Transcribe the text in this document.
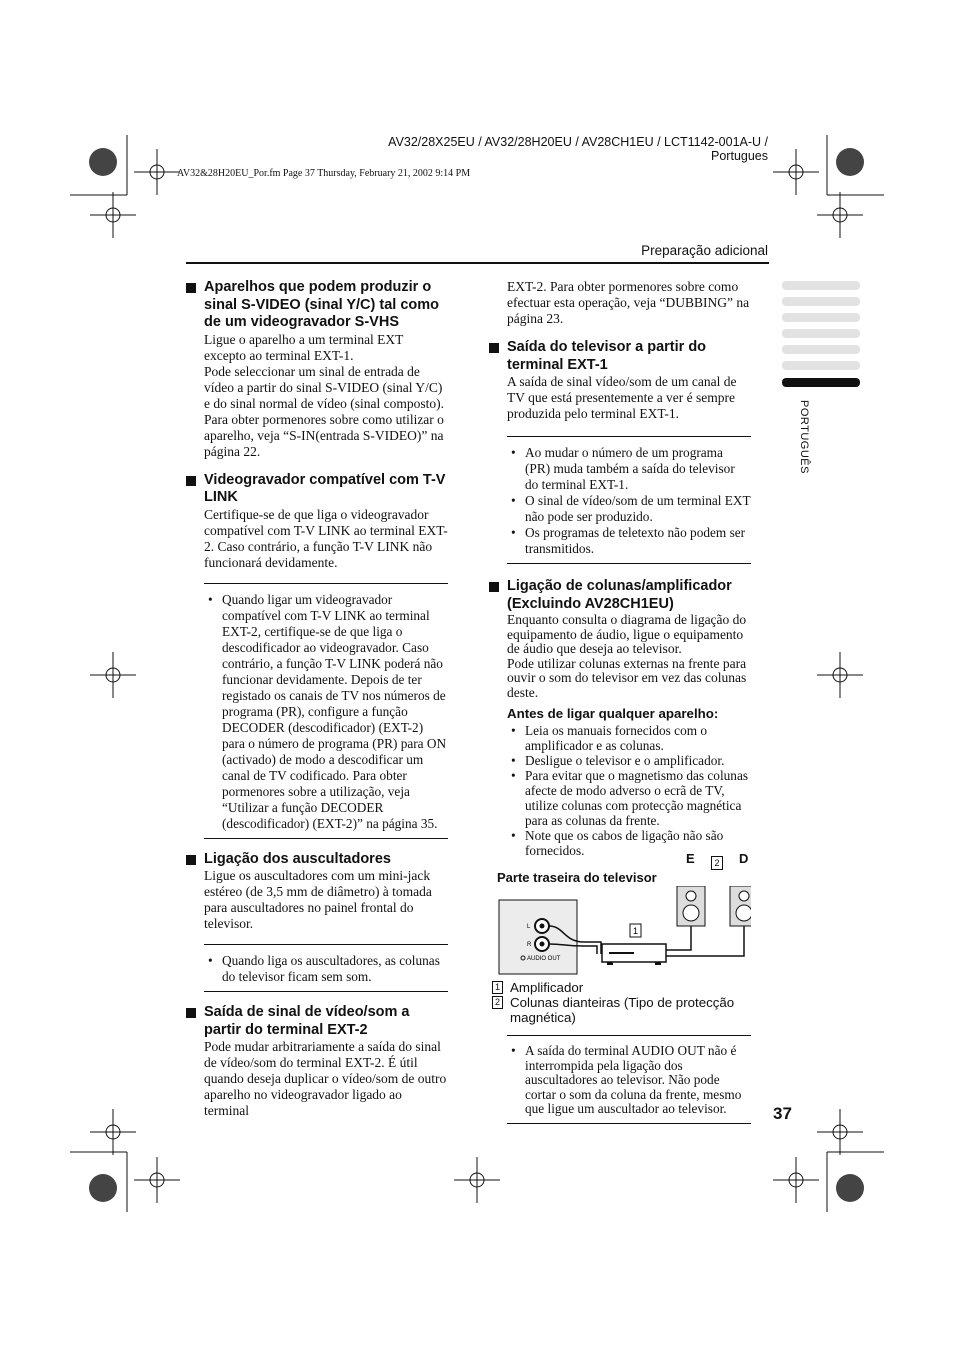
AV32/28X25EU / AV32/28H20EU / AV28CH1EU / LCT1142-001A-U / Portugues
AV32&28H20EU_Por.fm Page 37 Thursday, February 21, 2002 9:14 PM
Preparação adicional
PORTUGUÊS
Aparelhos que podem produzir o sinal S-VIDEO (sinal Y/C) tal como de um videogravador S-VHS

Ligue o aparelho a um terminal EXT excepto ao terminal EXT-1.

Pode seleccionar um sinal de entrada de vídeo a partir do sinal S-VIDEO (sinal Y/C) e do sinal normal de vídeo (sinal composto). Para obter pormenores sobre como utilizar o aparelho, veja “S-IN(entrada S-VIDEO)” na página 22.

Videogravador compatível com T-V LINK

Certifique-se de que liga o videogravador compatível com T-V LINK ao terminal EXT-2. Caso contrário, a função T-V LINK não funcionará devidamente.

• Quando ligar um videogravador compatível com T-V LINK ao terminal EXT-2, certifique-se de que liga o descodificador ao videogravador. Caso contrário, a função T-V LINK poderá não funcionar devidamente. Depois de ter registado os canais de TV nos números de programa (PR), configure a função DECODER (descodificador) (EXT-2) para o número de programa (PR) para ON (activado) de modo a descodificar um canal de TV codificado. Para obter pormenores sobre a utilização, veja “Utilizar a função DECODER (descodificador) (EXT-2)” na página 35.
Ligação dos auscultadores

Ligue os auscultadores com um mini-jack estéreo (de 3,5 mm de diâmetro) à tomada para auscultadores no painel frontal do televisor.

• Quando liga os auscultadores, as colunas do televisor ficam sem som.
Saída de sinal de vídeo/som a partir do terminal EXT-2

Pode mudar arbitrariamente a saída do sinal de vídeo/som do terminal EXT-2. É útil quando deseja duplicar o vídeo/som de outro aparelho no videogravador ligado ao terminal

EXT-2. Para obter pormenores sobre como efectuar esta operação, veja “DUBBING” na página 23.

Saída do televisor a partir do terminal EXT-1

A saída de sinal vídeo/som de um canal de TV que está presentemente a ver é sempre produzida pelo terminal EXT-1.

• Ao mudar o número de um programa (PR) muda também a saída do televisor do terminal EXT-1.
• O sinal de vídeo/som de um terminal EXT não pode ser produzido.
• Os programas de teletexto não podem ser transmitidos.
Ligação de colunas/amplificador (Excluindo AV28CH1EU)

Enquanto consulta o diagrama de ligação do equipamento de áudio, ligue o equipamento de áudio que deseja ao televisor.

Pode utilizar colunas externas na frente para ouvir o som do televisor em vez das colunas deste.

Antes de ligar qualquer aparelho:
• Leia os manuais fornecidos com o amplificador e as colunas.
• Desligue o televisor e o amplificador.
• Para evitar que o magnetismo das colunas afecte de modo adverso o ecrã de TV, utilize colunas com protecção magnética para as colunas da frente.
• Note que os cabos de ligação não são fornecidos.
Parte traseira do televisor
L
R
AUDIO OUT
1
1 Amplificador
2 Colunas dianteiras (Tipo de protecção magnética)
• A saída do terminal AUDIO OUT não é interrompida pela ligação dos auscultadores ao televisor. Não pode cortar o som da coluna da frente, mesmo que ligue um auscultador ao televisor.
E	2 D
37
